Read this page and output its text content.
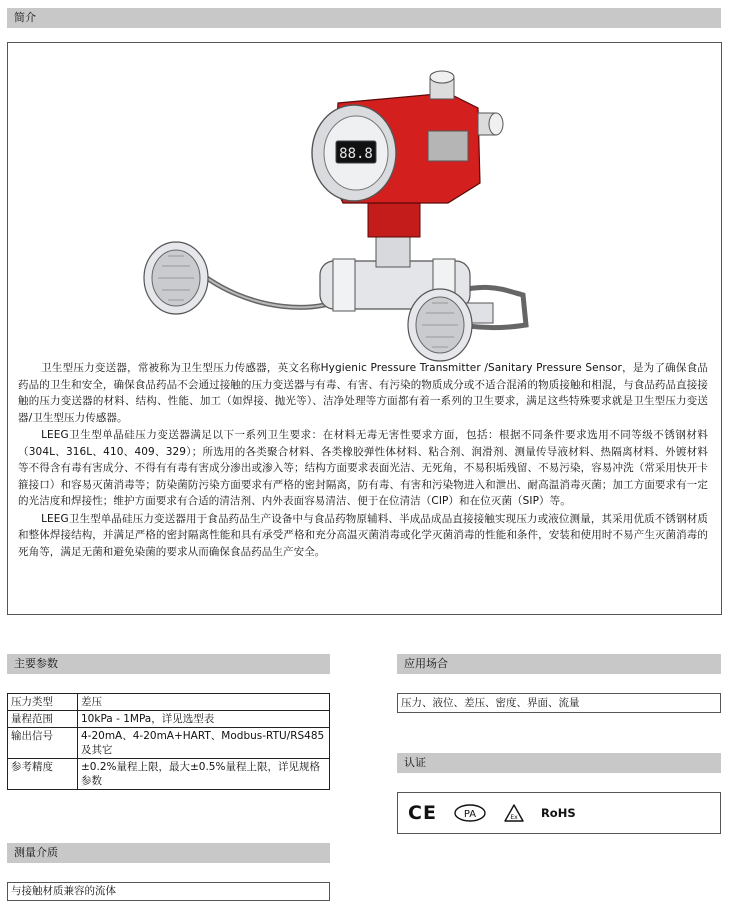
简介
88.8

卫生型压力变送器，常被称为卫生型压力传感器，英文名称Hygienic Pressure Transmitter /Sanitary Pressure Sensor，是为了确保食品药品的卫生和安全，确保食品药品不会通过接触的压力变送器与有毒、有害、有污染的物质成分或不适合混淆的物质接触和相混，与食品药品直接接触的压力变送器的材料、结构、性能、加工（如焊接、抛光等）、洁净处理等方面都有着一系列的卫生要求，满足这些特殊要求就是卫生型压力变送器/卫生型压力传感器。

LEEG卫生型单晶硅压力变送器满足以下一系列卫生要求：在材料无毒无害性要求方面，包括：根据不同条件要求选用不同等级不锈钢材料（304L、316L、410、409、329）；所选用的各类聚合材料、各类橡胶弹性体材料、粘合剂、润滑剂、测量传导液材料、热隔离材料、外镀材料等不得含有毒有害成分、不得有有毒有害成分渗出或渗入等；结构方面要求表面光洁、无死角，不易积垢残留、不易污染，容易冲洗（常采用快开卡箍接口）和容易灭菌消毒等；防染菌防污染方面要求有严格的密封隔离，防有毒、有害和污染物进入和泄出、耐高温消毒灭菌；加工方面要求有一定的光洁度和焊接性；维护方面要求有合适的清洁剂、内外表面容易清洁、便于在位清洁（CIP）和在位灭菌（SIP）等。

LEEG卫生型单晶硅压力变送器用于食品药品生产设备中与食品药物原辅料、半成品成品直接接触实现压力或液位测量，其采用优质不锈钢材质和整体焊接结构，并满足严格的密封隔离性能和具有承受严格和充分高温灭菌消毒或化学灭菌消毒的性能和条件，安装和使用时不易产生灭菌消毒的死角等，满足无菌和避免染菌的要求从而确保食品药品生产安全。

主要参数
压力类型	差压
量程范围	10kPa - 1MPa，详见选型表
输出信号	4-20mA、4-20mA+HART、Modbus-RTU/RS485及其它
参考精度	±0.2%量程上限，最大±0.5%量程上限，详见规格参数
测量介质
与接触材质兼容的流体
应用场合
压力、液位、差压、密度、界面、流量
认证
CE	PA	Ex RoHS
